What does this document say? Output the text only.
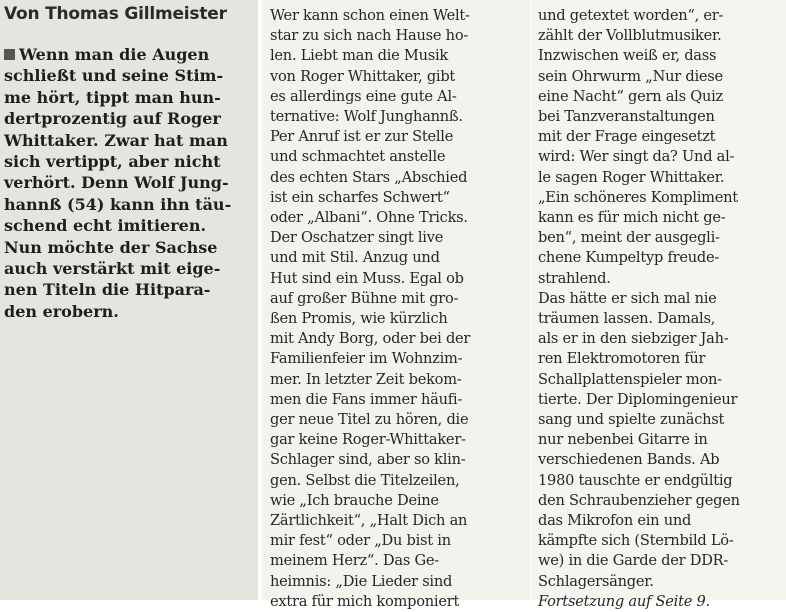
Von Thomas Gillmeister
Wenn man die Augen
schließt und seine Stim-
me hört, tippt man hun-
dertprozentig auf Roger
Whittaker. Zwar hat man
sich vertippt, aber nicht
verhört. Denn Wolf Jung-
hannß (54) kann ihn täu-
schend echt imitieren.
Nun möchte der Sachse
auch verstärkt mit eige-
nen Titeln die Hitpara-
den erobern.
Wer kann schon einen Welt-
star zu sich nach Hause ho-
len. Liebt man die Musik
von Roger Whittaker, gibt
es allerdings eine gute Al-
ternative: Wolf Junghannß.
Per Anruf ist er zur Stelle
und schmachtet anstelle
des echten Stars „Abschied
ist ein scharfes Schwert“
oder „Albani“. Ohne Tricks.
Der Oschatzer singt live
und mit Stil. Anzug und
Hut sind ein Muss. Egal ob
auf großer Bühne mit gro-
ßen Promis, wie kürzlich
mit Andy Borg, oder bei der
Familienfeier im Wohnzim-
mer. In letzter Zeit bekom-
men die Fans immer häufi-
ger neue Titel zu hören, die
gar keine Roger-Whittaker-
Schlager sind, aber so klin-
gen. Selbst die Titelzeilen,
wie „Ich brauche Deine
Zärtlichkeit“, „Halt Dich an
mir fest“ oder „Du bist in
meinem Herz“. Das Ge-
heimnis: „Die Lieder sind
extra für mich komponiert
und getextet worden“, er-
zählt der Vollblutmusiker.
Inzwischen weiß er, dass
sein Ohrwurm „Nur diese
eine Nacht“ gern als Quiz
bei Tanzveranstaltungen
mit der Frage eingesetzt
wird: Wer singt da? Und al-
le sagen Roger Whittaker.
„Ein schöneres Kompliment
kann es für mich nicht ge-
ben“, meint der ausgegli-
chene Kumpeltyp freude-
strahlend.
Das hätte er sich mal nie
träumen lassen. Damals,
als er in den siebziger Jah-
ren Elektromotoren für
Schallplattenspieler mon-
tierte. Der Diplomingenieur
sang und spielte zunächst
nur nebenbei Gitarre in
verschiedenen Bands. Ab
1980 tauschte er endgültig
den Schraubenzieher gegen
das Mikrofon ein und
kämpfte sich (Sternbild Lö-
we) in die Garde der DDR-
Schlagersänger.
Fortsetzung auf Seite 9.
